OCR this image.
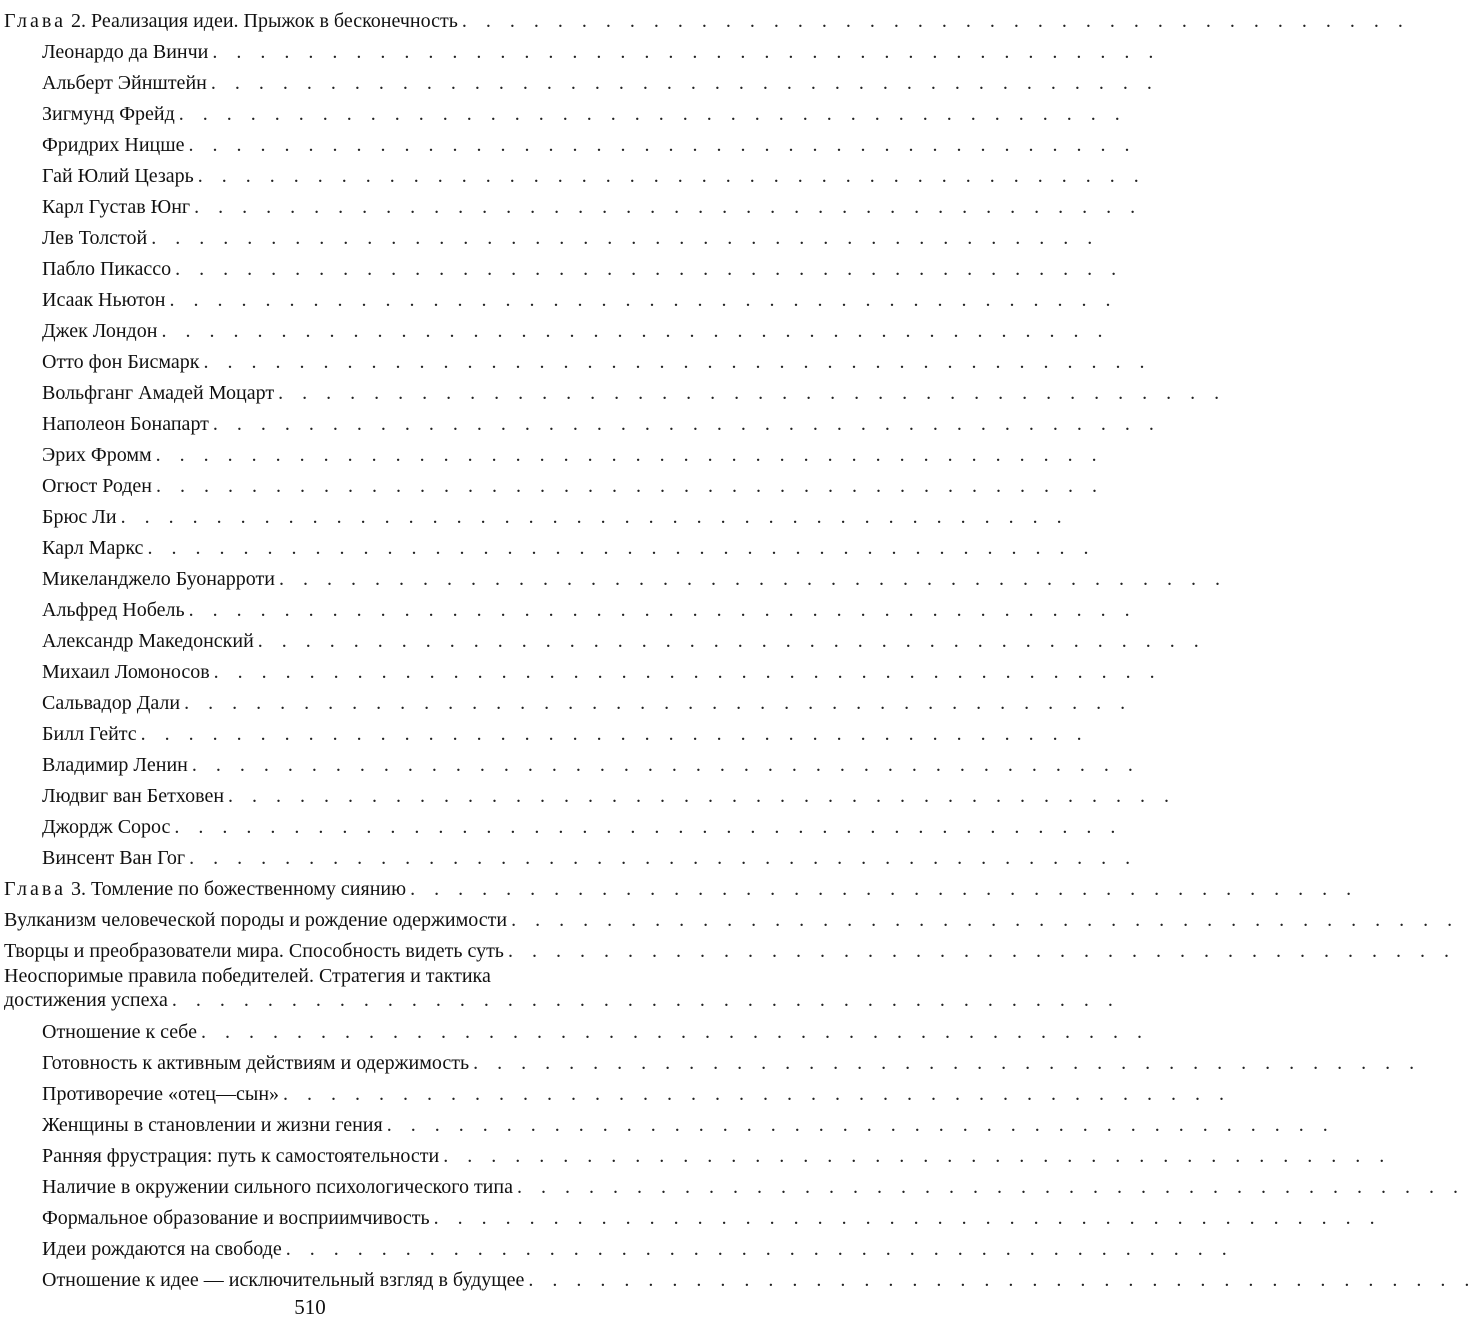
Глава 2. Реализация идеи. Прыжок в бесконечность . . . . . . . . . . . . . . . . . . . . . . . . . . . . . . . . . . . . . . . .
Леонардо да Винчи . . . . . . . . . . . . . . . . . . . . . . . . . . . . . . . . . . . . . . . .
Альберт Эйнштейн . . . . . . . . . . . . . . . . . . . . . . . . . . . . . . . . . . . . . . . .
Зигмунд Фрейд . . . . . . . . . . . . . . . . . . . . . . . . . . . . . . . . . . . . . . . .
Фридрих Ницше . . . . . . . . . . . . . . . . . . . . . . . . . . . . . . . . . . . . . . . .
Гай Юлий Цезарь . . . . . . . . . . . . . . . . . . . . . . . . . . . . . . . . . . . . . . . .
Карл Густав Юнг . . . . . . . . . . . . . . . . . . . . . . . . . . . . . . . . . . . . . . . .
Лев Толстой . . . . . . . . . . . . . . . . . . . . . . . . . . . . . . . . . . . . . . . .
Пабло Пикассо . . . . . . . . . . . . . . . . . . . . . . . . . . . . . . . . . . . . . . . .
Исаак Ньютон . . . . . . . . . . . . . . . . . . . . . . . . . . . . . . . . . . . . . . . .
Джек Лондон . . . . . . . . . . . . . . . . . . . . . . . . . . . . . . . . . . . . . . . .
Отто фон Бисмарк . . . . . . . . . . . . . . . . . . . . . . . . . . . . . . . . . . . . . . . .
Вольфганг Амадей Моцарт . . . . . . . . . . . . . . . . . . . . . . . . . . . . . . . . . . . . . . . .
Наполеон Бонапарт . . . . . . . . . . . . . . . . . . . . . . . . . . . . . . . . . . . . . . . .
Эрих Фромм . . . . . . . . . . . . . . . . . . . . . . . . . . . . . . . . . . . . . . . .
Огюст Роден . . . . . . . . . . . . . . . . . . . . . . . . . . . . . . . . . . . . . . . .
Брюс Ли . . . . . . . . . . . . . . . . . . . . . . . . . . . . . . . . . . . . . . . .
Карл Маркс . . . . . . . . . . . . . . . . . . . . . . . . . . . . . . . . . . . . . . . .
Микеланджело Буонарроти . . . . . . . . . . . . . . . . . . . . . . . . . . . . . . . . . . . . . . . .
Альфред Нобель . . . . . . . . . . . . . . . . . . . . . . . . . . . . . . . . . . . . . . . .
Александр Македонский . . . . . . . . . . . . . . . . . . . . . . . . . . . . . . . . . . . . . . . .
Михаил Ломоносов . . . . . . . . . . . . . . . . . . . . . . . . . . . . . . . . . . . . . . . .
Сальвадор Дали . . . . . . . . . . . . . . . . . . . . . . . . . . . . . . . . . . . . . . . .
Билл Гейтс . . . . . . . . . . . . . . . . . . . . . . . . . . . . . . . . . . . . . . . .
Владимир Ленин . . . . . . . . . . . . . . . . . . . . . . . . . . . . . . . . . . . . . . . .
Людвиг ван Бетховен . . . . . . . . . . . . . . . . . . . . . . . . . . . . . . . . . . . . . . . .
Джордж Сорос . . . . . . . . . . . . . . . . . . . . . . . . . . . . . . . . . . . . . . . .
Винсент Ван Гог . . . . . . . . . . . . . . . . . . . . . . . . . . . . . . . . . . . . . . . .
Глава 3. Томление по божественному сиянию . . . . . . . . . . . . . . . . . . . . . . . . . . . . . . . . . . . . . . . .
Вулканизм человеческой породы и рождение одержимости . . . . . . . . . . . . . . . . . . . . . . . . . . . . . . . . . . . . . . . .
Творцы и преобразователи мира. Способность видеть суть . . . . . . . . . . . . . . . . . . . . . . . . . . . . . . . . . . . . . . . .
Неоспоримые правила победителей. Стратегия и тактика
достижения успеха . . . . . . . . . . . . . . . . . . . . . . . . . . . . . . . . . . . . . . . .
Отношение к себе . . . . . . . . . . . . . . . . . . . . . . . . . . . . . . . . . . . . . . . .
Готовность к активным действиям и одержимость . . . . . . . . . . . . . . . . . . . . . . . . . . . . . . . . . . . . . . . .
Противоречие «отец—сын» . . . . . . . . . . . . . . . . . . . . . . . . . . . . . . . . . . . . . . . .
Женщины в становлении и жизни гения . . . . . . . . . . . . . . . . . . . . . . . . . . . . . . . . . . . . . . . .
Ранняя фрустрация: путь к самостоятельности . . . . . . . . . . . . . . . . . . . . . . . . . . . . . . . . . . . . . . . .
Наличие в окружении сильного психологического типа . . . . . . . . . . . . . . . . . . . . . . . . . . . . . . . . . . . . . . . .
Формальное образование и восприимчивость . . . . . . . . . . . . . . . . . . . . . . . . . . . . . . . . . . . . . . . .
Идеи рождаются на свободе . . . . . . . . . . . . . . . . . . . . . . . . . . . . . . . . . . . . . . . .
Отношение к идее — исключительный взгляд в будущее . . . . . . . . . . . . . . . . . . . . . . . . . . . . . . . . . . . . . . . .
510
